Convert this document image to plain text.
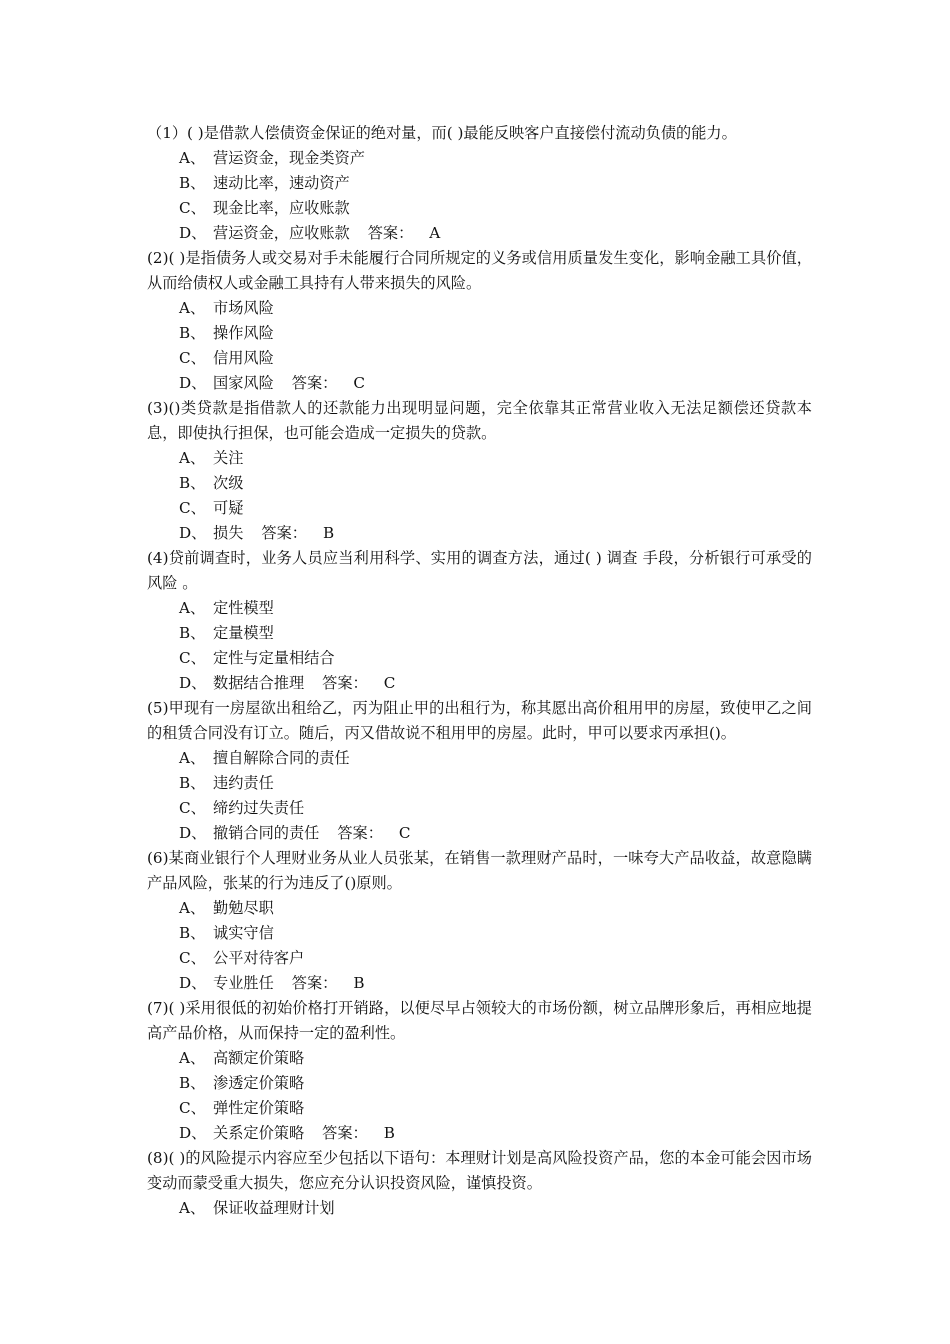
（1）( )是借款人偿债资金保证的绝对量，而( )最能反映客户直接偿付流动负债的能力。

A、 营运资金，现金类资产
B、 速动比率，速动资产
C、 现金比率，应收账款
D、 营运资金，应收账款 答案： A

(2)( )是指债务人或交易对手未能履行合同所规定的义务或信用质量发生变化，影响金融工具价值，从而给债权人或金融工具持有人带来损失的风险。

A、 市场风险
B、 操作风险
C、 信用风险
D、 国家风险 答案： C

(3)()类贷款是指借款人的还款能力出现明显问题，完全依靠其正常营业收入无法足额偿还贷款本息，即使执行担保，也可能会造成一定损失的贷款。

A、 关注
B、 次级
C、 可疑
D、 损失 答案： B

(4)贷前调查时，业务人员应当利用科学、实用的调查方法，通过( ) 调查 手段，分析银行可承受的风险 。

A、 定性模型
B、 定量模型
C、 定性与定量相结合
D、 数据结合推理 答案： C

(5)甲现有一房屋欲出租给乙，丙为阻止甲的出租行为，称其愿出高价租用甲的房屋，致使甲乙之间的租赁合同没有订立。随后，丙又借故说不租用甲的房屋。此时，甲可以要求丙承担()。

A、 擅自解除合同的责任
B、 违约责任
C、 缔约过失责任
D、 撤销合同的责任 答案： C

(6)某商业银行个人理财业务从业人员张某，在销售一款理财产品时，一味夸大产品收益，故意隐瞒产品风险，张某的行为违反了()原则。

A、 勤勉尽职
B、 诚实守信
C、 公平对待客户
D、 专业胜任 答案： B

(7)( )采用很低的初始价格打开销路，以便尽早占领较大的市场份额，树立品牌形象后，再相应地提高产品价格，从而保持一定的盈利性。

A、 高额定价策略
B、 渗透定价策略
C、 弹性定价策略
D、 关系定价策略 答案： B

(8)( )的风险提示内容应至少包括以下语句：本理财计划是高风险投资产品，您的本金可能会因市场变动而蒙受重大损失，您应充分认识投资风险，谨慎投资。

A、 保证收益理财计划
